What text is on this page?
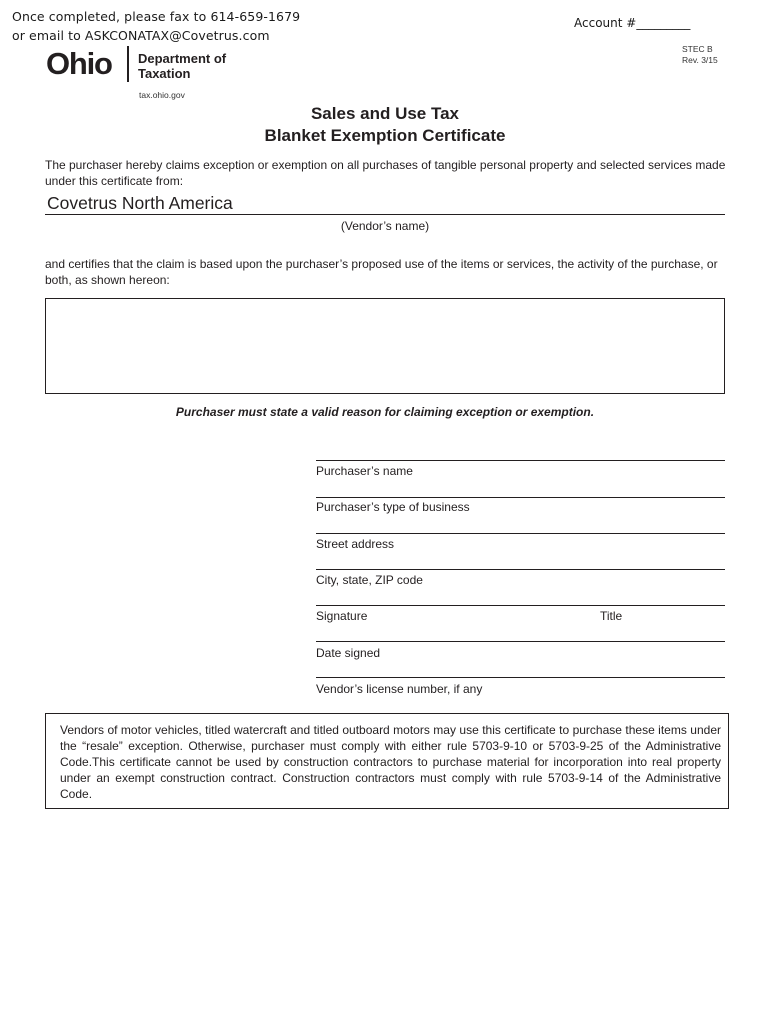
Once completed, please fax to 614-659-1679
or email to ASKCONATAX@Covetrus.com
Account #_________
STEC B
Rev. 3/15
Ohio Department of
Taxation
tax.ohio.gov
Sales and Use Tax
Blanket Exemption Certificate
The purchaser hereby claims exception or exemption on all purchases of tangible personal property and selected services made under this certificate from:
Covetrus North America
(Vendor’s name)
and certifies that the claim is based upon the purchaser’s proposed use of the items or services, the activity of the purchase, or both, as shown hereon:
Purchaser must state a valid reason for claiming exception or exemption.
Purchaser’s name
Purchaser’s type of business
Street address
City, state, ZIP code
Signature	Title
Date signed
Vendor’s license number, if any
Vendors of motor vehicles, titled watercraft and titled outboard motors may use this certificate to purchase these items under the “resale” exception. Otherwise, purchaser must comply with either rule 5703-9-10 or 5703-9-25 of the Administrative Code.This certificate cannot be used by construction contractors to purchase material for incorporation into real property under an exempt construction contract. Construction contractors must comply with rule 5703-9-14 of the Administrative Code.
